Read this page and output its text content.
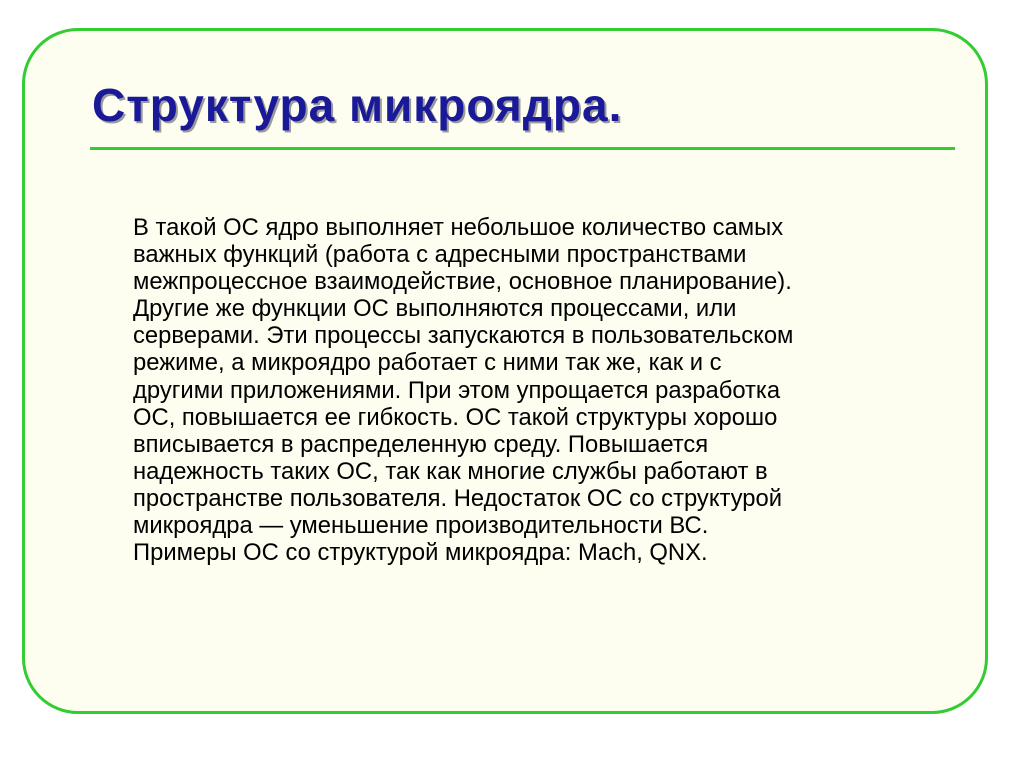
Структура микроядра.

В такой ОС ядро выполняет небольшое количество самых
важных функций (работа с адресными пространствами
межпроцессное взаимодействие, основное планирование).
Другие же функции ОС выполняются процессами, или
серверами. Эти процессы запускаются в пользовательском
режиме, а микроядро работает с ними так же, как и с
другими приложениями. При этом упрощается разработка
ОС, повышается ее гибкость. ОС такой структуры хорошо
вписывается в распределенную среду. Повышается
надежность таких ОС, так как многие службы работают в
пространстве пользователя. Недостаток ОС со структурой
микроядра — уменьшение производительности ВС.
Примеры ОС со структурой микроядра: Mach, QNX.
